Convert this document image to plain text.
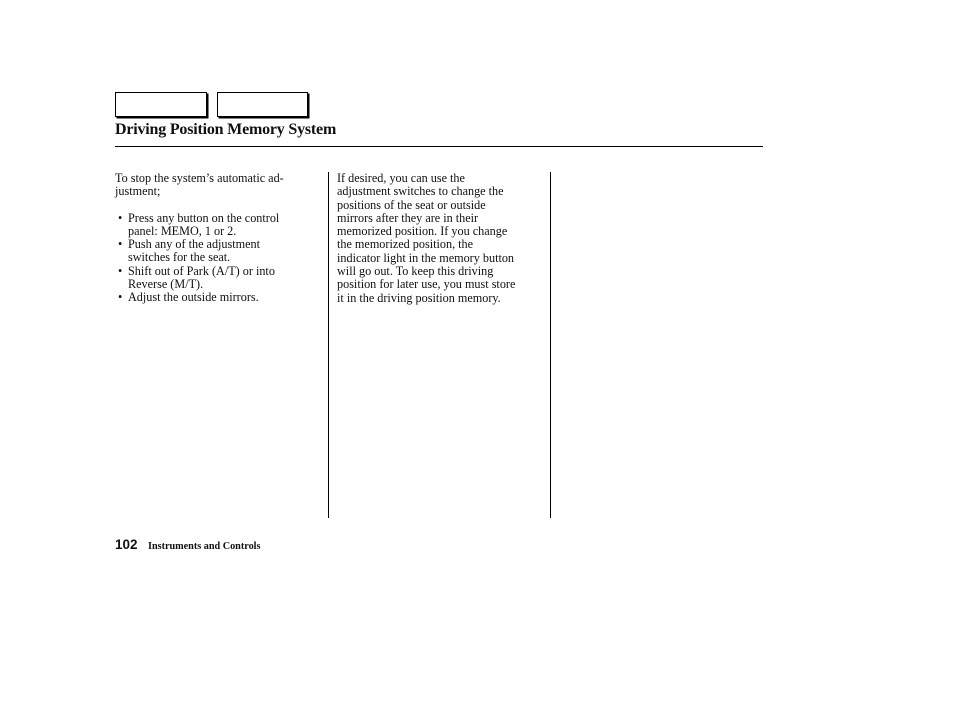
Driving Position Memory System

To stop the system’s automatic ad-
justment;

• Press any button on the control
panel: MEMO, 1 or 2.
• Push any of the adjustment
switches for the seat.
• Shift out of Park (A/T) or into
Reverse (M/T).
• Adjust the outside mirrors.

If desired, you can use the
adjustment switches to change the
positions of the seat or outside
mirrors after they are in their
memorized position. If you change
the memorized position, the
indicator light in the memory button
will go out. To keep this driving
position for later use, you must store
it in the driving position memory.

102 Instruments and Controls
